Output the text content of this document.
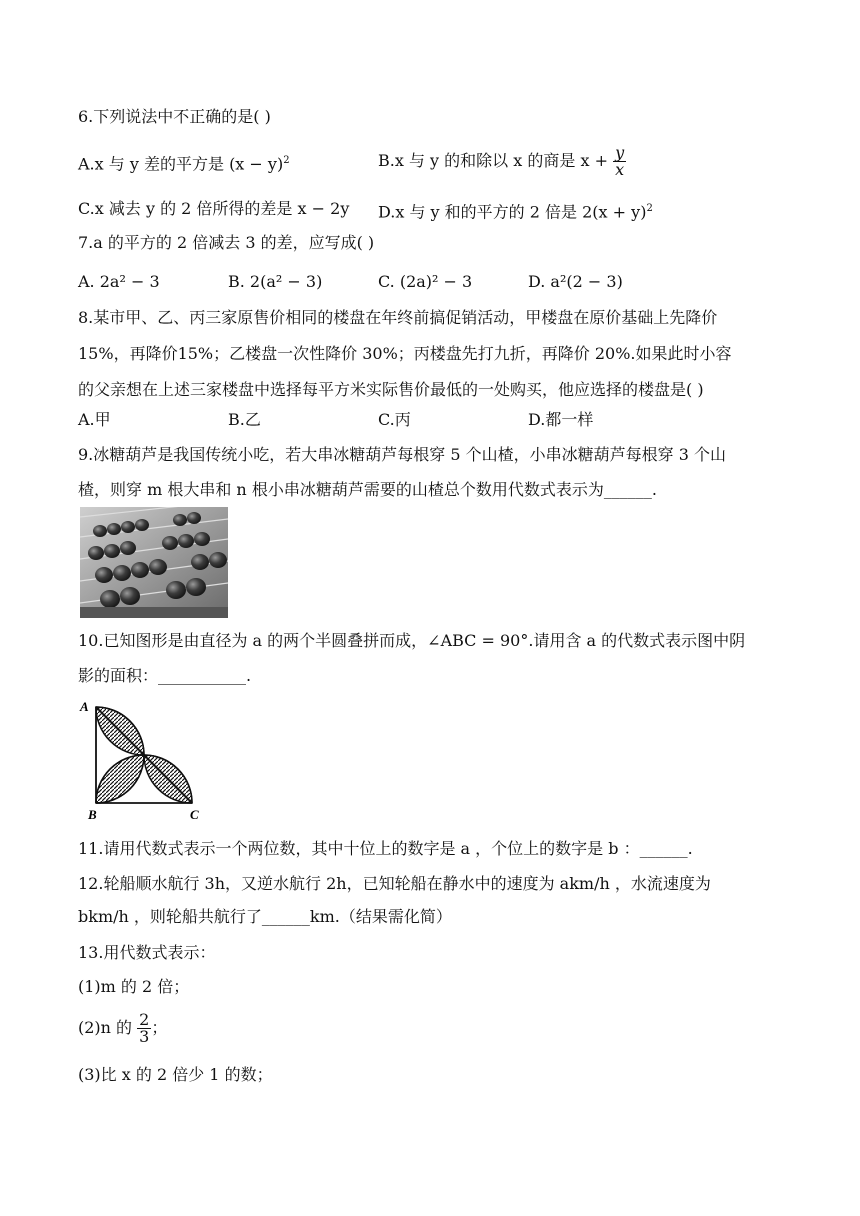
6.下列说法中不正确的是( )
A.x 与 y 差的平方是 $(x - y)^2$	B.x 与 y 的和除以 x 的商是 $x + \frac{y}{x}$
C.x 减去 y 的 2 倍所得的差是 x − 2y D.x 与 y 和的平方的 2 倍是 $2(x + y)^2$
7.a 的平方的 2 倍减去 3 的差，应写成( )
A. 2a² − 3	B. 2(a² − 3)	C. (2a)² − 3	D. a²(2 − 3)
8.某市甲、乙、丙三家原售价相同的楼盘在年终前搞促销活动，甲楼盘在原价基础上先降价
15%，再降价15%；乙楼盘一次性降价 30%；丙楼盘先打九折，再降价 20%.如果此时小容
的父亲想在上述三家楼盘中选择每平方米实际售价最低的一处购买，他应选择的楼盘是( )
A.甲	B.乙	C.丙	D.都一样
9.冰糖葫芦是我国传统小吃，若大串冰糖葫芦每根穿 5 个山楂，小串冰糖葫芦每根穿 3 个山
楂，则穿 m 根大串和 n 根小串冰糖葫芦需要的山楂总个数用代数式表示为______.
10.已知图形是由直径为 a 的两个半圆叠拼而成，∠ABC = 90°.请用含 a 的代数式表示图中阴
影的面积：___________.
A
B	C
11.请用代数式表示一个两位数，其中十位上的数字是 a ，个位上的数字是 b ：______.
12.轮船顺水航行 3h，又逆水航行 2h，已知轮船在静水中的速度为 akm/h ，水流速度为
bkm/h ，则轮船共航行了______km.（结果需化简）
13.用代数式表示：
(1)m 的 2 倍；
(2)n 的 $\frac{2}{3}$ ；
(3)比 x 的 2 倍少 1 的数；
